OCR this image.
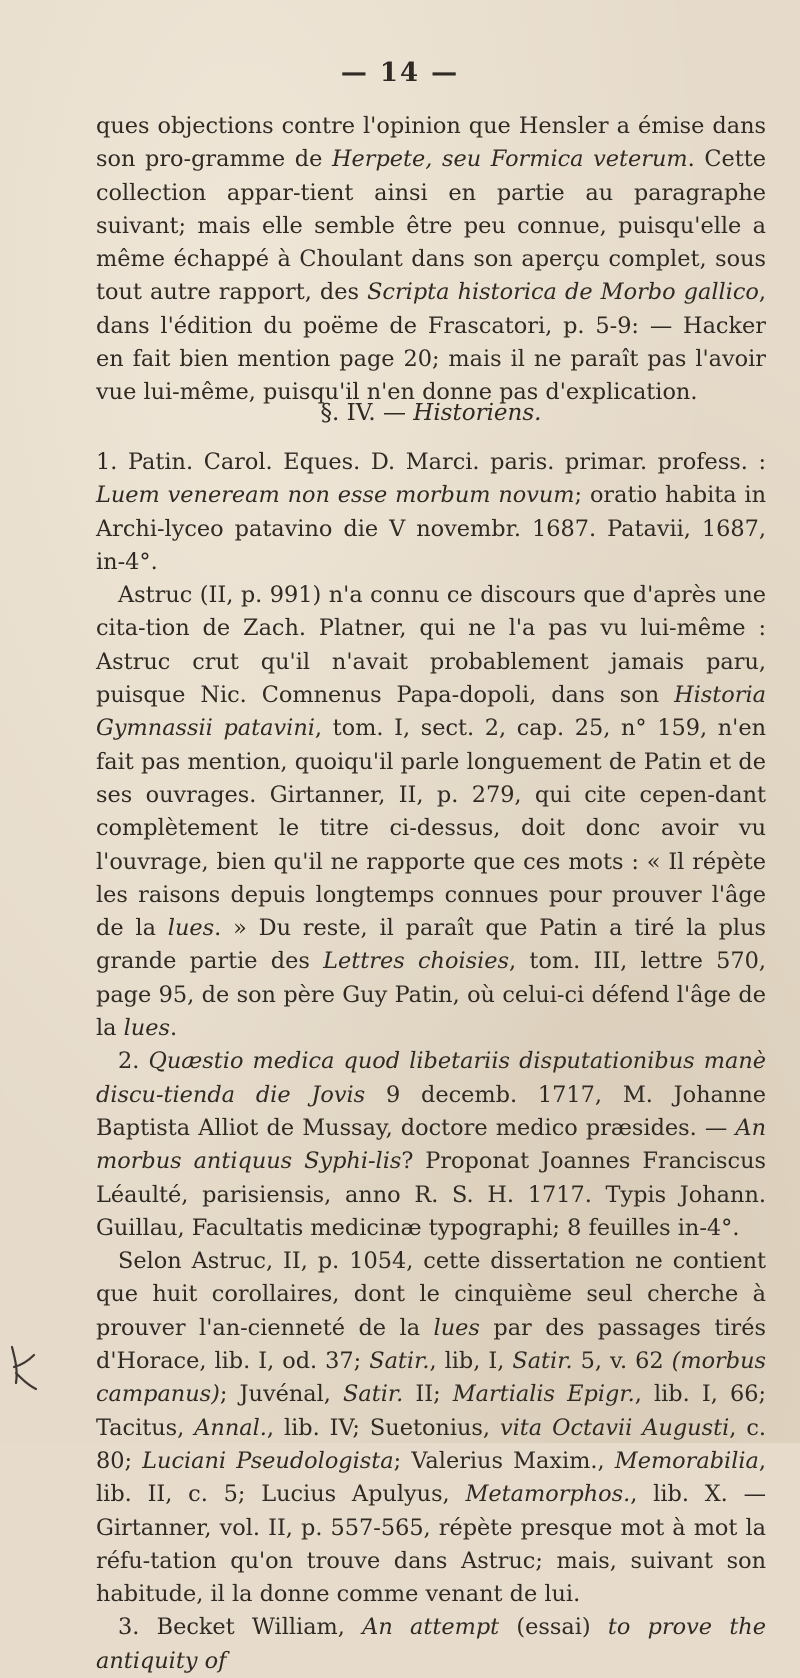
— 14 —

ques objections contre l'opinion que Hensler a émise dans son pro-gramme de Herpete, seu Formica veterum. Cette collection appar-tient ainsi en partie au paragraphe suivant; mais elle semble être peu connue, puisqu'elle a même échappé à Choulant dans son aperçu complet, sous tout autre rapport, des Scripta historica de Morbo gallico, dans l'édition du poëme de Frascatori, p. 5-9: — Hacker en fait bien mention page 20; mais il ne paraît pas l'avoir vue lui-même, puisqu'il n'en donne pas d'explication.

§. IV. — Historiens.

1. Patin. Carol. Eques. D. Marci. paris. primar. profess. : Luem veneream non esse morbum novum; oratio habita in Archi-lyceo patavino die V novembr. 1687. Patavii, 1687, in-4°.

Astruc (II, p. 991) n'a connu ce discours que d'après une cita-tion de Zach. Platner, qui ne l'a pas vu lui-même : Astruc crut qu'il n'avait probablement jamais paru, puisque Nic. Comnenus Papa-dopoli, dans son Historia Gymnassii patavini, tom. I, sect. 2, cap. 25, n° 159, n'en fait pas mention, quoiqu'il parle longuement de Patin et de ses ouvrages. Girtanner, II, p. 279, qui cite cepen-dant complètement le titre ci-dessus, doit donc avoir vu l'ouvrage, bien qu'il ne rapporte que ces mots : « Il répète les raisons depuis longtemps connues pour prouver l'âge de la lues. » Du reste, il paraît que Patin a tiré la plus grande partie des Lettres choisies, tom. III, lettre 570, page 95, de son père Guy Patin, où celui-ci défend l'âge de la lues.

2. Quæstio medica quod libetariis disputationibus manè discu-tienda die Jovis 9 decemb. 1717, M. Johanne Baptista Alliot de Mussay, doctore medico præsides. — An morbus antiquus Syphi-lis? Proponat Joannes Franciscus Léaulté, parisiensis, anno R. S. H. 1717. Typis Johann. Guillau, Facultatis medicinæ typographi; 8 feuilles in-4°.

Selon Astruc, II, p. 1054, cette dissertation ne contient que huit corollaires, dont le cinquième seul cherche à prouver l'an-cienneté de la lues par des passages tirés d'Horace, lib. I, od. 37; Satir., lib, I, Satir. 5, v. 62 (morbus campanus); Juvénal, Satir. II; Martialis Epigr., lib. I, 66; Tacitus, Annal., lib. IV; Suetonius, vita Octavii Augusti, c. 80; Luciani Pseudologista; Valerius Maxim., Memorabilia, lib. II, c. 5; Lucius Apulyus, Metamorphos., lib. X. — Girtanner, vol. II, p. 557-565, répète presque mot à mot la réfu-tation qu'on trouve dans Astruc; mais, suivant son habitude, il la donne comme venant de lui.

3. Becket William, An attempt (essai) to prove the antiquity of
